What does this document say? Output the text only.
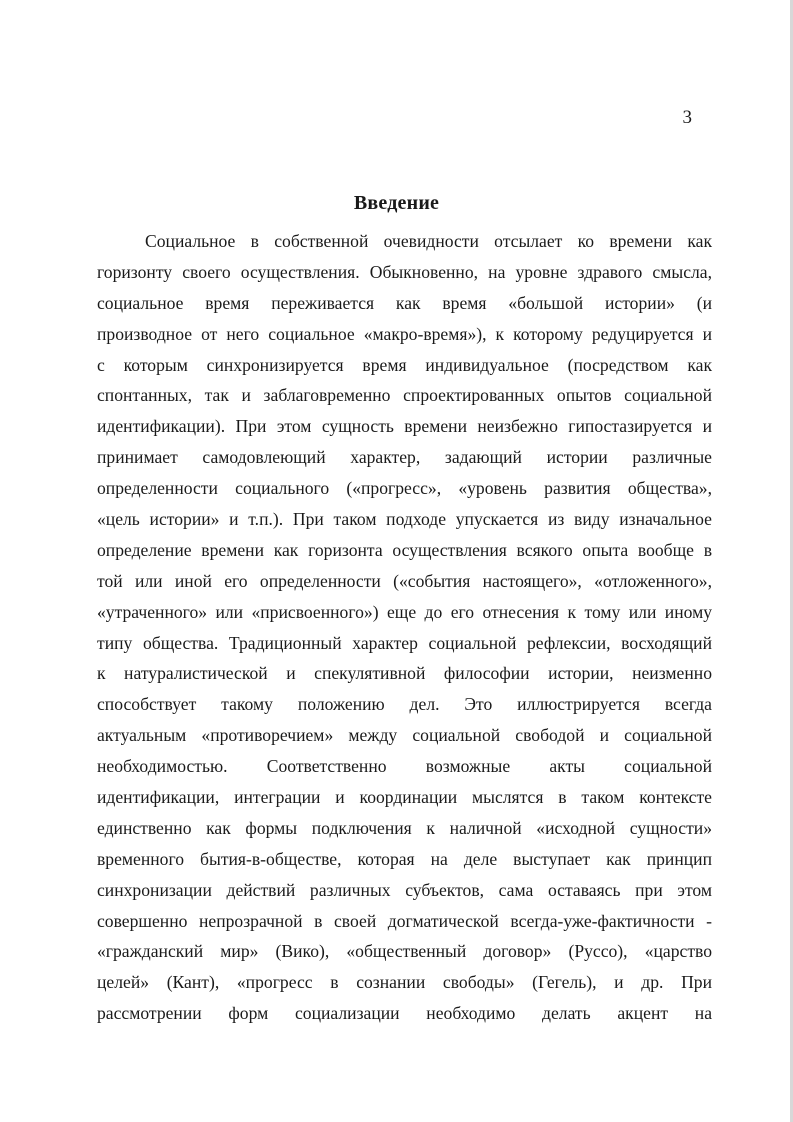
3
Введение
Социальное в собственной очевидности отсылает ко времени как
горизонту своего осуществления. Обыкновенно, на уровне здравого смысла,
социальное время переживается как время «большой истории» (и
производное от него социальное «макро-время»), к которому редуцируется и
с которым синхронизируется время индивидуальное (посредством как
спонтанных, так и заблаговременно спроектированных опытов социальной
идентификации). При этом сущность времени неизбежно гипостазируется и
принимает самодовлеющий характер, задающий истории различные
определенности социального («прогресс», «уровень развития общества»,
«цель истории» и т.п.). При таком подходе упускается из виду изначальное
определение времени как горизонта осуществления всякого опыта вообще в
той или иной его определенности («события настоящего», «отложенного»,
«утраченного» или «присвоенного») еще до его отнесения к тому или иному
типу общества. Традиционный характер социальной рефлексии, восходящий
к натуралистической и спекулятивной философии истории, неизменно
способствует такому положению дел. Это иллюстрируется всегда
актуальным «противоречием» между социальной свободой и социальной
необходимостью. Соответственно возможные акты социальной
идентификации, интеграции и координации мыслятся в таком контексте
единственно как формы подключения к наличной «исходной сущности»
временного бытия-в-обществе, которая на деле выступает как принцип
синхронизации действий различных субъектов, сама оставаясь при этом
совершенно непрозрачной в своей догматической всегда-уже-фактичности -
«гражданский мир» (Вико), «общественный договор» (Руссо), «царство
целей» (Кант), «прогресс в сознании свободы» (Гегель), и др. При
рассмотрении форм социализации необходимо делать акцент на
